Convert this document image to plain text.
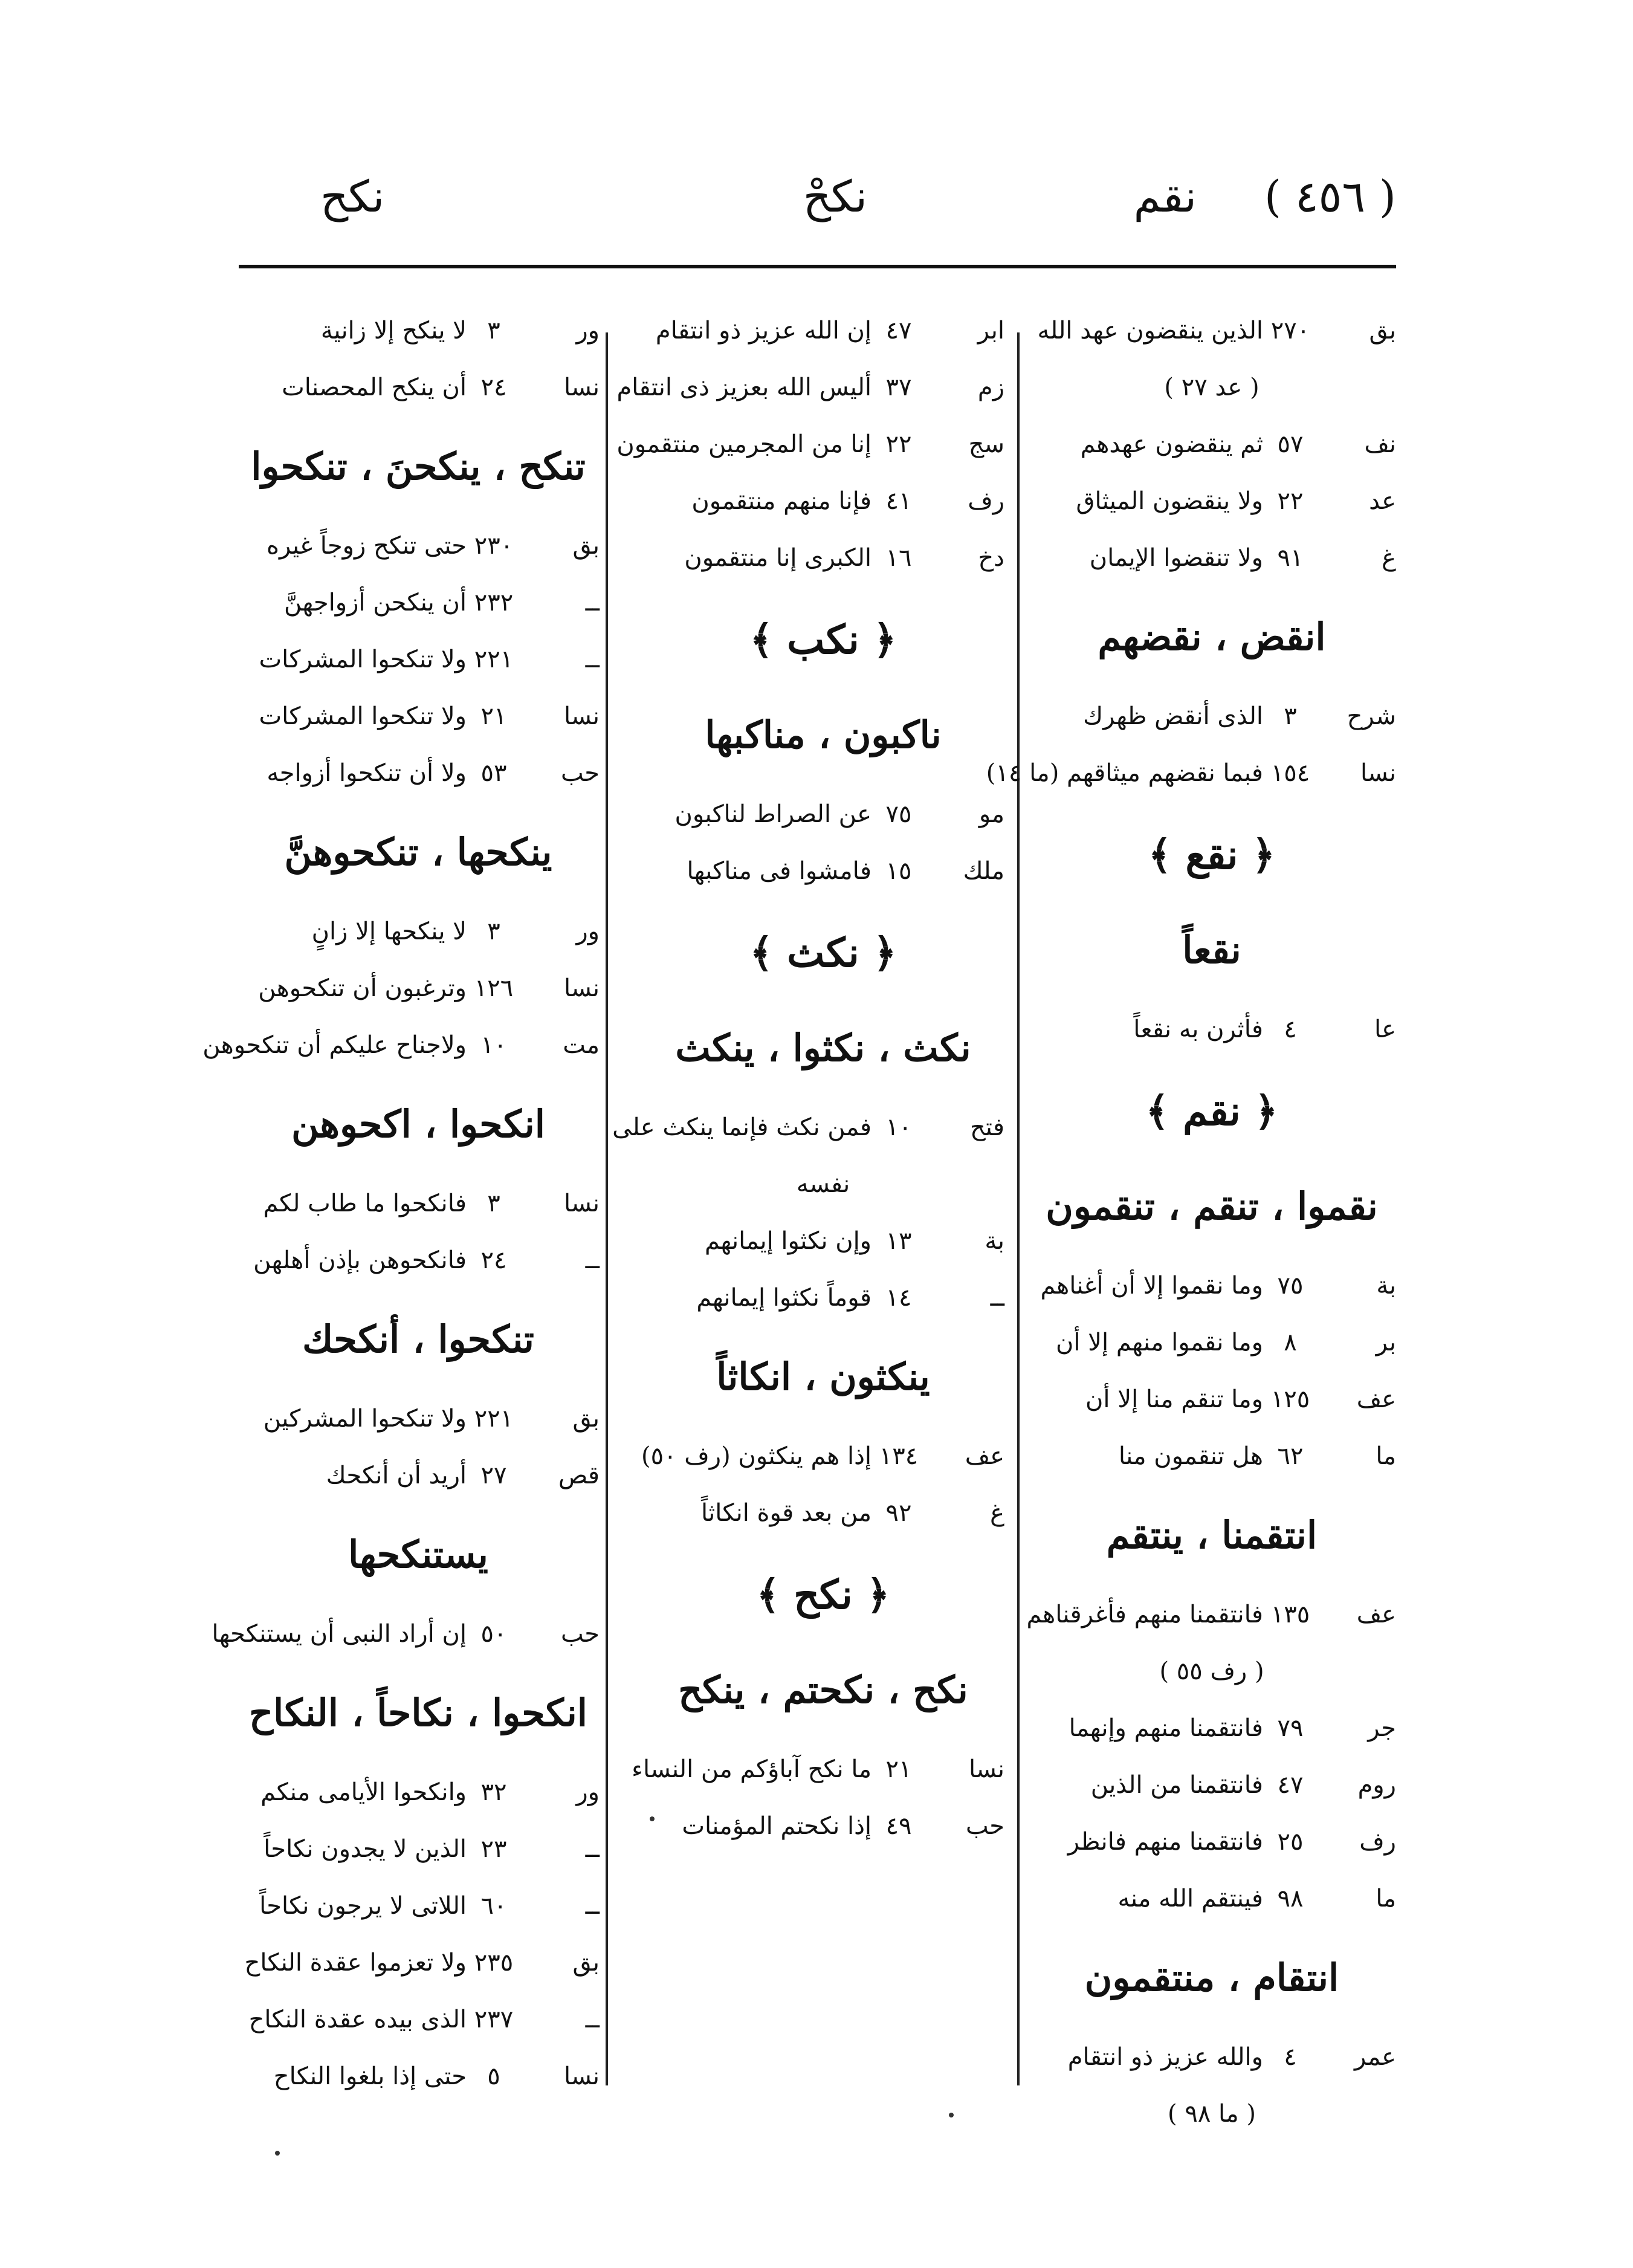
( ٤٥٦ )
نقم
نكحْ
نكح
بق٢٧٠الذين ينقضون عهد الله
( عد ٢٧ )
نف٥٧ثم ينقضون عهدهم
عد٢٢ولا ينقضون الميثاق
غ٩١ولا تنقضوا الإيمان
انقض ، نقضهم
شرح٣الذى أنقض ظهرك
نسا١٥٤فبما نقضهم ميثاقهم (ما ١٤)
﴿ نقع ﴾
نقعاً
عا٤فأثرن به نقعاً
﴿ نقم ﴾
نقموا ، تنقم ، تنقمون
بة٧٥وما نقموا إلا أن أغناهم
بر٨وما نقموا منهم إلا أن
عف١٢٥وما تنقم منا إلا أن
ما٦٢هل تنقمون منا
انتقمنا ، ينتقم
عف١٣٥فانتقمنا منهم فأغرقناهم
( رف ٥٥ )
جر٧٩فانتقمنا منهم وإنهما
روم٤٧فانتقمنا من الذين
رف٢٥فانتقمنا منهم فانظر
ما٩٨فينتقم الله منه
انتقام ، منتقمون
عمر٤والله عزيز ذو انتقام
( ما ٩٨ )
ابر٤٧إن الله عزيز ذو انتقام
زم٣٧أليس الله بعزيز ذى انتقام
سج٢٢إنا من المجرمين منتقمون
رف٤١فإنا منهم منتقمون
دخ١٦الكبرى إنا منتقمون
﴿ نكب ﴾
ناكبون ، مناكبها
مو٧٥عن الصراط لناكبون
ملك١٥فامشوا فى مناكبها
﴿ نكث ﴾
نكث ، نكثوا ، ينكث
فتح١٠فمن نكث فإنما ينكث على
نفسه
بة١٣وإن نكثوا إيمانهم
ــ١٤قوماً نكثوا إيمانهم
ينكثون ، انكاثاً
عف١٣٤إذا هم ينكثون (رف ٥٠)
غ٩٢من بعد قوة انكاثاً
﴿ نكح ﴾
نكح ، نكحتم ، ينكح
نسا٢١ما نكح آباؤكم من النساء
حب٤٩إذا نكحتم المؤمنات
ور٣لا ينكح إلا زانية
نسا٢٤أن ينكح المحصنات
تنكح ، ينكحنَ ، تنكحوا
بق٢٣٠حتى تنكح زوجاً غيره
ــ٢٣٢أن ينكحن أزواجهنَّ
ــ٢٢١ولا تنكحوا المشركات
نسا٢١ولا تنكحوا المشركات
حب٥٣ولا أن تنكحوا أزواجه
ينكحها ، تنكحوهنَّ
ور٣لا ينكحها إلا زانٍ
نسا١٢٦وترغبون أن تنكحوهن
مت١٠ولاجناح عليكم أن تنكحوهن
انكحوا ، اكحوهن
نسا٣فانكحوا ما طاب لكم
ــ٢٤فانكحوهن بإذن أهلهن
تنكحوا ، أنكحك
بق٢٢١ولا تنكحوا المشركين
قص٢٧أريد أن أنكحك
يستنكحها
حب٥٠إن أراد النبى أن يستنكحها
انكحوا ، نكاحاً ، النكاح
ور٣٢وانكحوا الأيامى منكم
ــ٢٣الذين لا يجدون نكاحاً
ــ٦٠اللاتى لا يرجون نكاحاً
بق٢٣٥ولا تعزموا عقدة النكاح
ــ٢٣٧الذى بيده عقدة النكاح
نسا٥حتى إذا بلغوا النكاح
